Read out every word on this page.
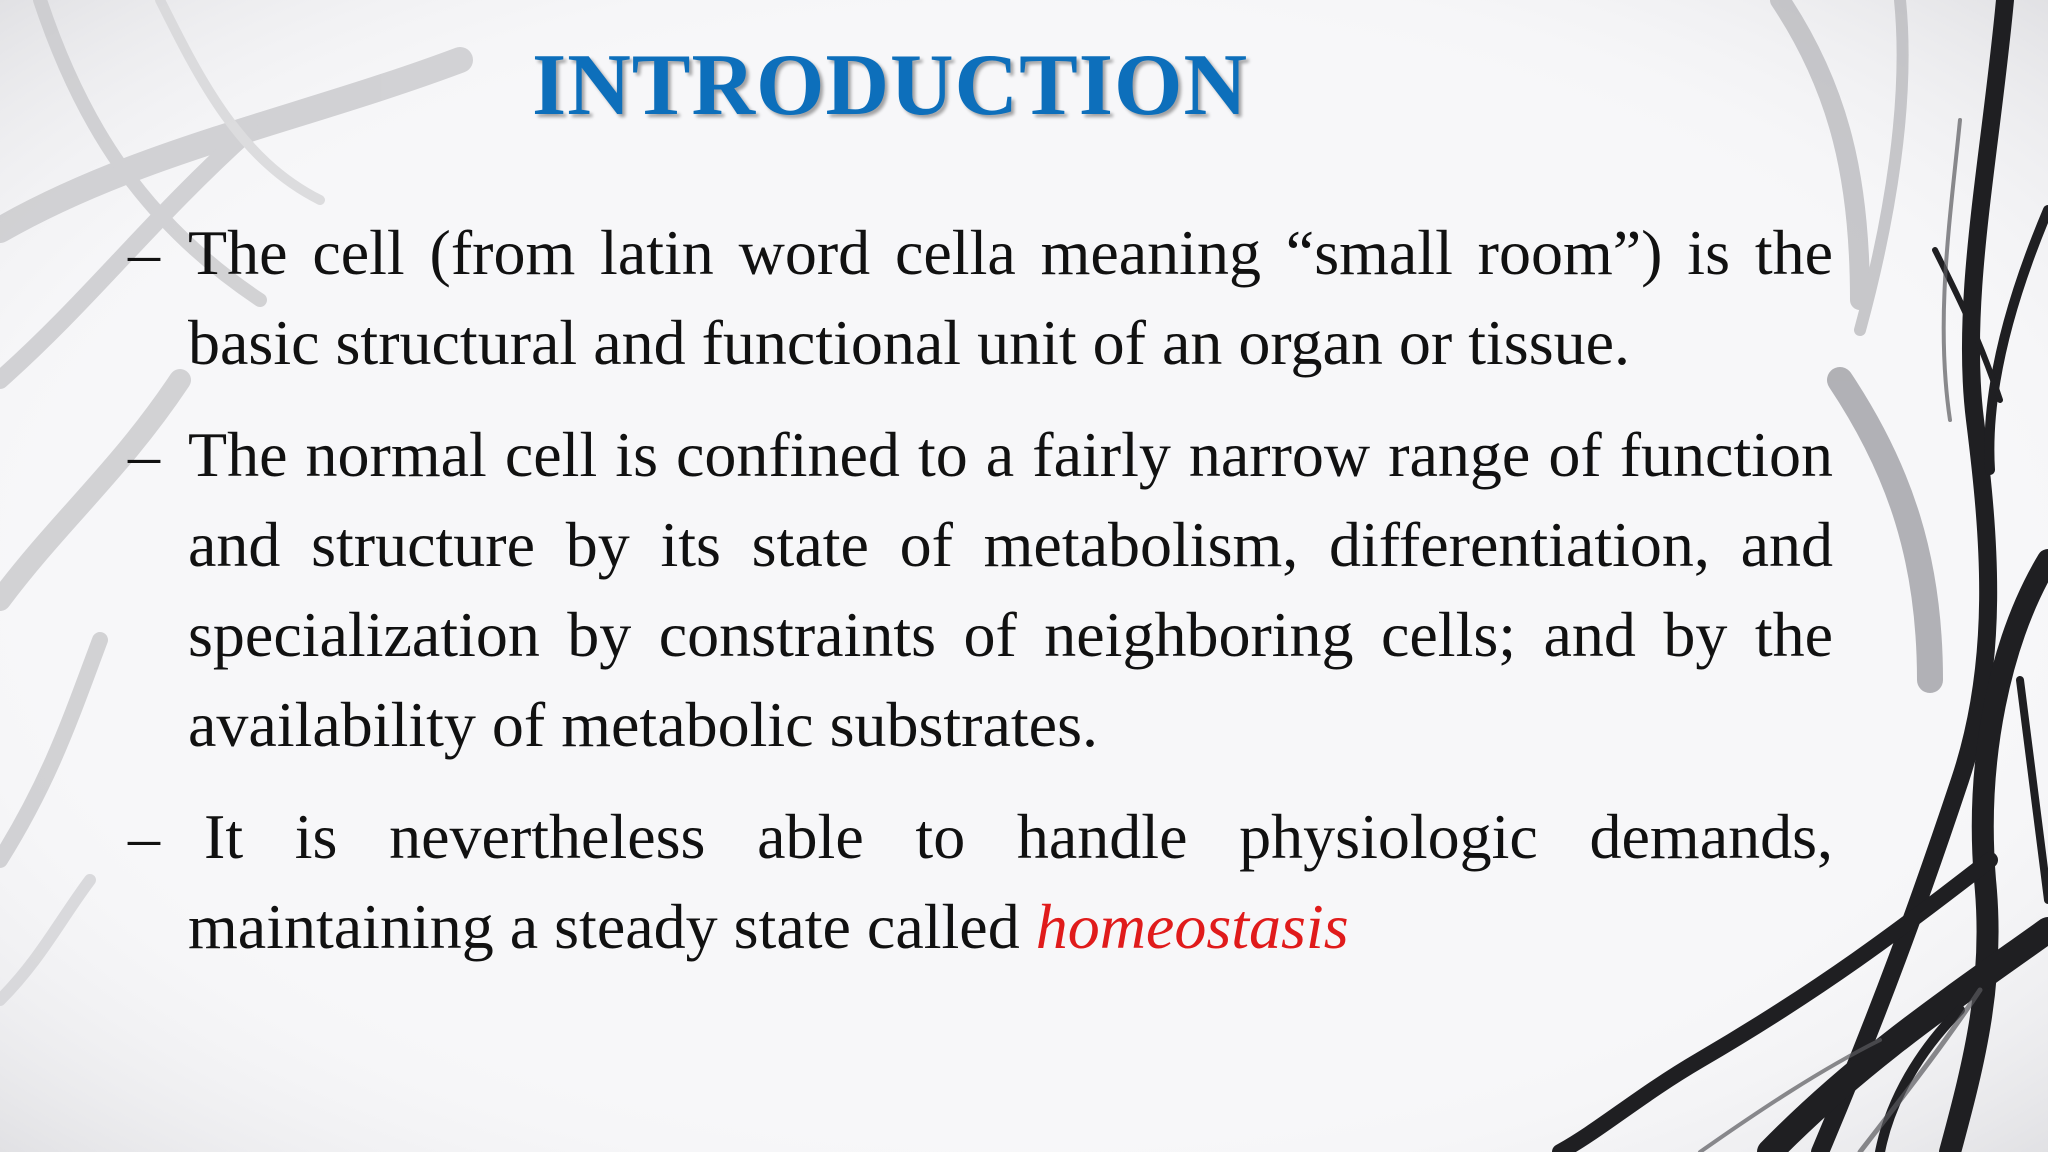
INTRODUCTION
– The cell (from latin word cella meaning “small room”) is the basic structural and functional unit of an organ or tissue.
– The normal cell is confined to a fairly narrow range of function and structure by its state of metabolism, differentiation, and specialization by constraints of neighboring cells; and by the availability of metabolic substrates.
– It is nevertheless able to handle physiologic demands, maintaining a steady state called homeostasis
